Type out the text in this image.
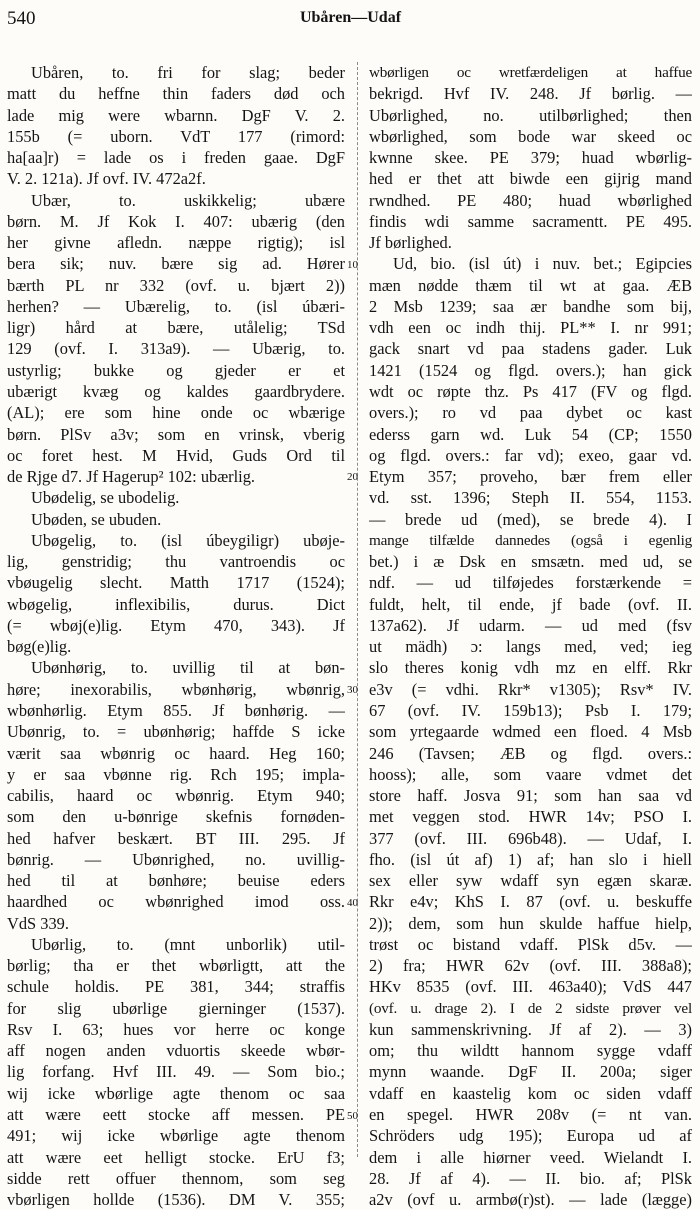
540	Ubåren—Udaf
Ubåren, to. fri for slag; beder
matt du heffne thin faders død och
lade mig were wbarnn. DgF V. 2.
155b (= uborn. VdT 177 (rimord:
ha[aa]r) = lade os i freden gaae. DgF
V. 2. 121a). Jf ovf. IV. 472a2f.
Ubær, to. uskikkelig; ubære
børn. M. Jf Kok I. 407: ubærig (den
her givne afledn. næppe rigtig); isl
bera sik; nuv. bære sig ad. Hører
bærth PL nr 332 (ovf. u. bjært 2))
herhen? — Ubærelig, to. (isl úbæri-
ligr) hård at bære, utålelig; TSd
129 (ovf. I. 313a9). — Ubærig, to.
ustyrlig; bukke og gjeder er et
ubærigt kvæg og kaldes gaardbrydere.
(AL); ere som hine onde oc wbærige
børn. PlSv a3v; som en vrinsk, vberig
oc foret hest. M Hvid, Guds Ord til
de Rjge d7. Jf Hagerup² 102: ubærlig.
Ubødelig, se ubodelig.
Ubøden, se ubuden.
Ubøgelig, to. (isl úbeygiligr) ubøje-
lig, genstridig; thu vantroendis oc
vbøugelig slecht. Matth 1717 (1524);
wbøgelig, inflexibilis, durus. Dict
(= wbøj(e)lig. Etym 470, 343). Jf
bøg(e)lig.
Ubønhørig, to. uvillig til at bøn-
høre; inexorabilis, wbønhørig, wbønrig,
wbønhørlig. Etym 855. Jf bønhørig. —
Ubønrig, to. = ubønhørig; haffde S icke
værit saa wbønrig oc haard. Heg 160;
y er saa vbønne rig. Rch 195; impla-
cabilis, haard oc wbønrig. Etym 940;
som den u-bønrige skefnis fornøden-
hed hafver beskært. BT III. 295. Jf
bønrig. — Ubønrighed, no. uvillig-
hed til at bønhøre; beuise eders
haardhed oc wbønrighed imod oss.
VdS 339.
Ubørlig, to. (mnt unborlik) util-
børlig; tha er thet wbørligtt, att the
schule holdis. PE 381, 344; straffis
for slig ubørlige gierninger (1537).
Rsv I. 63; hues vor herre oc konge
aff nogen anden vduortis skeede wbør-
lig forfang. Hvf III. 49. — Som bio.;
wij icke wbørlige agte thenom oc saa
att wære eett stocke aff messen. PE
491; wij icke wbørlige agte thenom
att wære eet helligt stocke. ErU f3;
sidde rett offuer thennom, som seg
vbørligen hollde (1536). DM V. 355;
wbørligen oc wretfærdeligen at haffue
bekrigd. Hvf IV. 248. Jf børlig. —
Ubørlighed, no. utilbørlighed; then
wbørlighed, som bode war skeed oc
kwnne skee. PE 379; huad wbørlig-
hed er thet att biwde een gijrig mand
rwndhed. PE 480; huad wbørlighed
findis wdi samme sacramentt. PE 495.
Jf børlighed.
Ud, bio. (isl út) i nuv. bet.; Egipcies
mæn nødde thæm til wt at gaa. ÆB
2 Msb 1239; saa ær bandhe som bij,
vdh een oc indh thij. PL** I. nr 991;
gack snart vd paa stadens gader. Luk
1421 (1524 og flgd. overs.); han gick
wdt oc røpte thz. Ps 417 (FV og flgd.
overs.); ro vd paa dybet oc kast
ederss garn wd. Luk 54 (CP; 1550
og flgd. overs.: far vd); exeo, gaar vd.
Etym 357; proveho, bær frem eller
vd. sst. 1396; Steph II. 554, 1153.
— brede ud (med), se brede 4). I
mange tilfælde dannedes (også i egenlig
bet.) i æ Dsk en smsætn. med ud, se
ndf. — ud tilføjedes forstærkende =
fuldt, helt, til ende, jf bade (ovf. II.
137a62). Jf udarm. — ud med (fsv
ut mädh) ɔ: langs med, ved; ieg
slo theres konig vdh mz en elff. Rkr
e3v (= vdhi. Rkr* v1305); Rsv* IV.
67 (ovf. IV. 159b13); Psb I. 179;
som yrtegaarde wdmed een floed. 4 Msb
246 (Tavsen; ÆB og flgd. overs.:
hooss); alle, som vaare vdmet det
store haff. Josva 91; som han saa vd
met veggen stod. HWR 14v; PSO I.
377 (ovf. III. 696b48). — Udaf, I.
fho. (isl út af) 1) af; han slo i hiell
sex eller syw wdaff syn egæn skaræ.
Rkr e4v; KhS I. 87 (ovf. u. beskuffe
2)); dem, som hun skulde haffue hielp,
trøst oc bistand vdaff. PlSk d5v. —
2) fra; HWR 62v (ovf. III. 388a8);
HKv 8535 (ovf. III. 463a40); VdS 447
(ovf. u. drage 2). I de 2 sidste prøver vel
kun sammenskrivning. Jf af 2). — 3)
om; thu wildtt hannom sygge vdaff
mynn waande. DgF II. 200a; siger
vdaff en kaastelig kom oc siden vdaff
en spegel. HWR 208v (= nt van.
Schröders udg 195); Europa ud af
dem i alle hiørner veed. Wielandt I.
28. Jf af 4). — II. bio. af; PlSk
a2v (ovf u. armbø(r)st). — lade (lægge)
10
20
30
40
50
